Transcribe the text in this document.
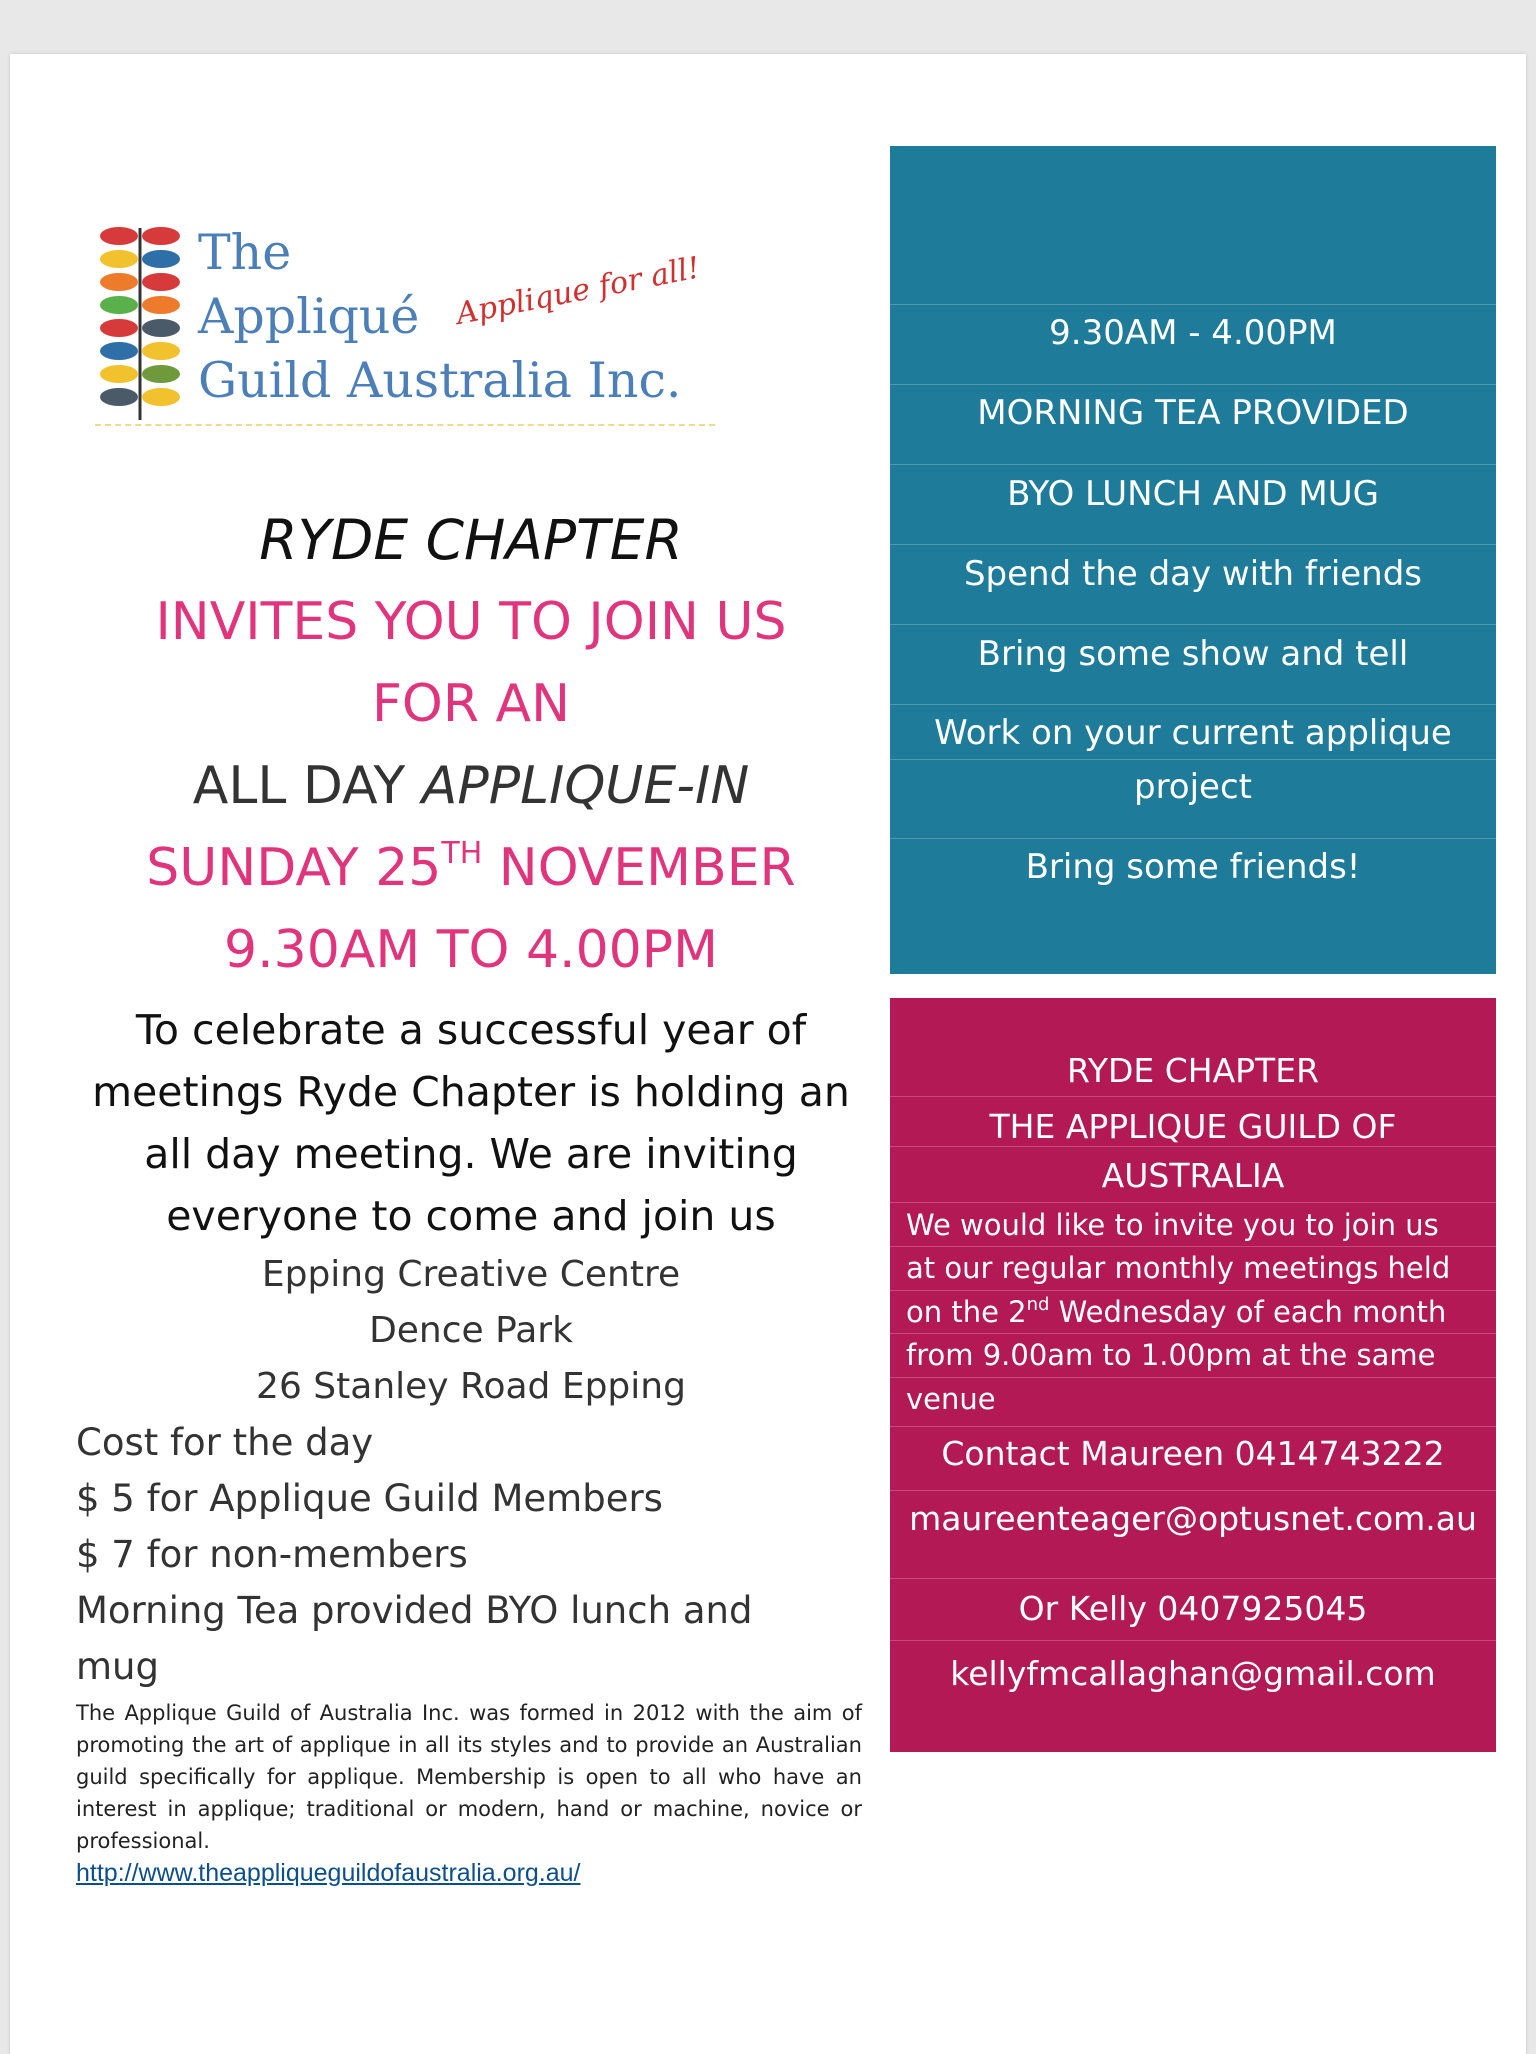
The
Appliqué
Guild Australia Inc.
Applique for all!
RYDE CHAPTER
INVITES YOU TO JOIN US
FOR AN
ALL DAY APPLIQUE-IN
SUNDAY 25TH NOVEMBER
9.30AM TO 4.00PM
To celebrate a successful year of
meetings Ryde Chapter is holding an
all day meeting. We are inviting
everyone to come and join us
Epping Creative Centre
Dence Park
26 Stanley Road Epping
Cost for the day
$ 5 for Applique Guild Members
$ 7 for non-members
Morning Tea provided BYO lunch and
mug
The Applique Guild of Australia Inc. was formed in 2012 with the aim of promoting the art of applique in all its styles and to provide an Australian guild specifically for applique. Membership is open to all who have an interest in applique; traditional or modern, hand or machine, novice or professional.
http://www.theappliqueguildofaustralia.org.au/
9.30AM - 4.00PM
MORNING TEA PROVIDED
BYO LUNCH AND MUG
Spend the day with friends
Bring some show and tell
Work on your current applique
project
Bring some friends!
RYDE CHAPTER
THE APPLIQUE GUILD OF
AUSTRALIA
We would like to invite you to join us
at our regular monthly meetings held
on the 2nd Wednesday of each month
from 9.00am to 1.00pm at the same
venue
Contact Maureen 0414743222
maureenteager@optusnet.com.au
Or Kelly 0407925045
kellyfmcallaghan@gmail.com
